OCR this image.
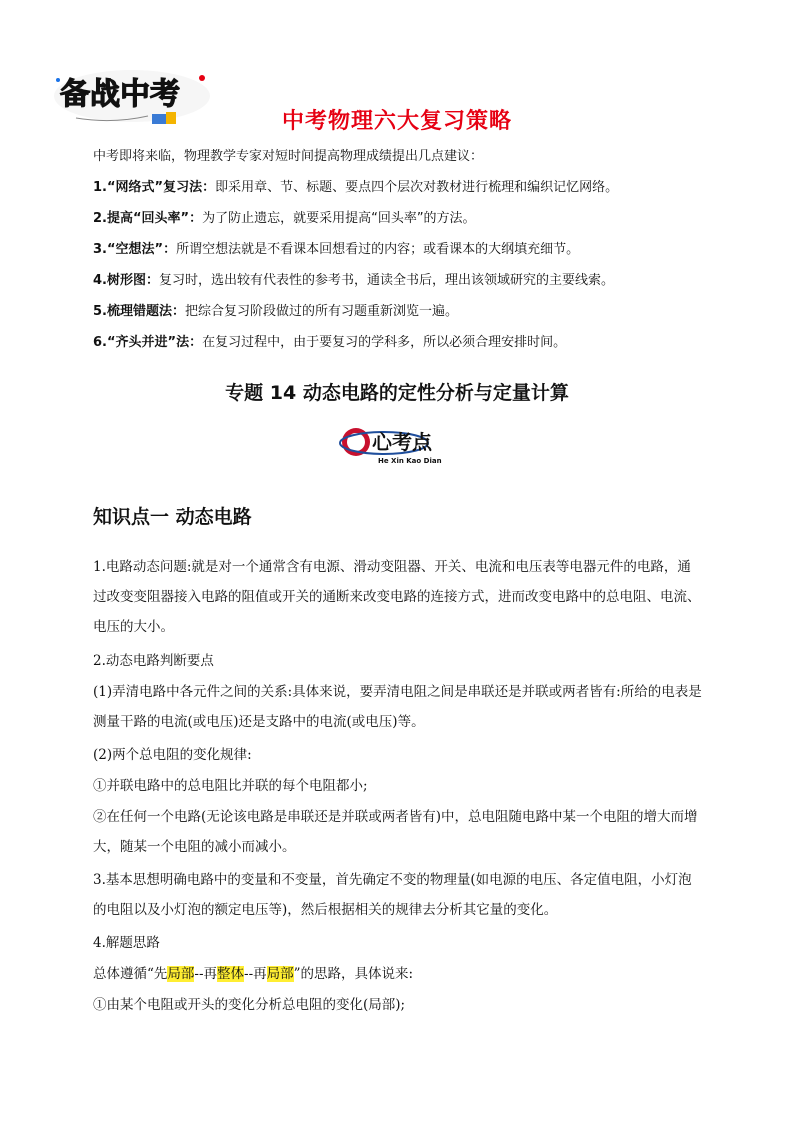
备战中考
中考物理六大复习策略
中考即将来临，物理教学专家对短时间提高物理成绩提出几点建议：
1.“网络式”复习法：即采用章、节、标题、要点四个层次对教材进行梳理和编织记忆网络。
2.提高“回头率”：为了防止遗忘，就要采用提高“回头率”的方法。
3.“空想法”：所谓空想法就是不看课本回想看过的内容；或看课本的大纲填充细节。
4.树形图：复习时，选出较有代表性的参考书，通读全书后，理出该领域研究的主要线索。
5.梳理错题法：把综合复习阶段做过的所有习题重新浏览一遍。
6.“齐头并进”法：在复习过程中，由于要复习的学科多，所以必须合理安排时间。
专题 14 动态电路的定性分析与定量计算
心考点
He Xin Kao Dian
知识点一 动态电路
1.电路动态问题:就是对一个通常含有电源、滑动变阻器、开关、电流和电压表等电器元件的电路，通过改变变阻器接入电路的阻值或开关的通断来改变电路的连接方式，进而改变电路中的总电阻、电流、电压的大小。
2.动态电路判断要点
(1)弄清电路中各元件之间的关系:具体来说，要弄清电阻之间是串联还是并联或两者皆有:所给的电表是测量干路的电流(或电压)还是支路中的电流(或电压)等。
(2)两个总电阻的变化规律:
①并联电路中的总电阻比并联的每个电阻都小;
②在任何一个电路(无论该电路是串联还是并联或两者皆有)中，总电阻随电路中某一个电阻的增大而增大，随某一个电阻的减小而减小。
3.基本思想明确电路中的变量和不变量，首先确定不变的物理量(如电源的电压、各定值电阻，小灯泡的电阻以及小灯泡的额定电压等)，然后根据相关的规律去分析其它量的变化。
4.解题思路
总体遵循“先局部--再整体--再局部”的思路，具体说来:
①由某个电阻或开头的变化分析总电阻的变化(局部);
